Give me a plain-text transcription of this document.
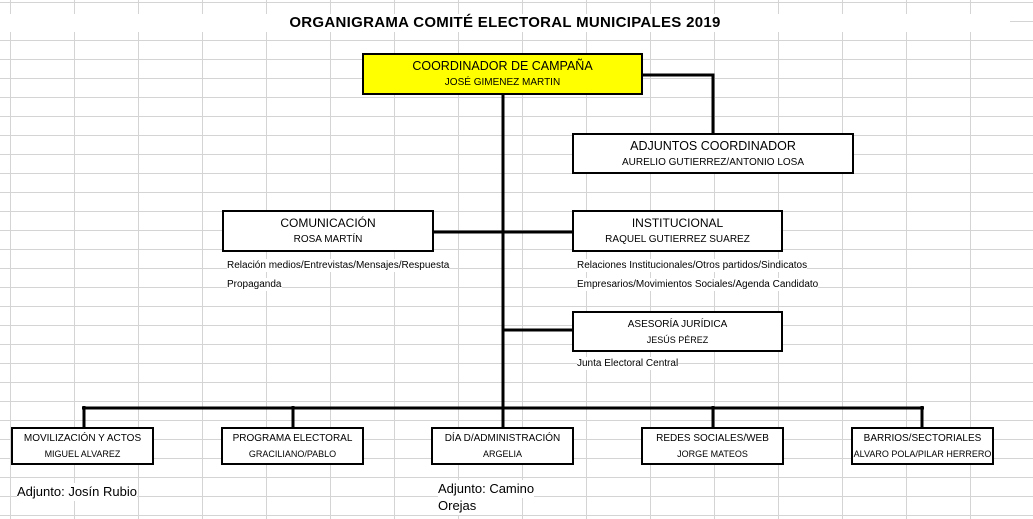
ORGANIGRAMA COMITÉ ELECTORAL MUNICIPALES 2019
COORDINADOR DE CAMPAÑA
JOSÉ GIMENEZ MARTIN
ADJUNTOS COORDINADOR
AURELIO GUTIERREZ/ANTONIO LOSA
COMUNICACIÓN
ROSA MARTÍN
Relación medios/Entrevistas/Mensajes/Respuesta
Propaganda
INSTITUCIONAL
RAQUEL GUTIERREZ SUAREZ
Relaciones Institucionales/Otros partidos/Sindicatos
Empresarios/Movimientos Sociales/Agenda Candidato
ASESORÍA JURÍDICA
JESÚS PÉREZ
Junta Electoral Central
MOVILIZACIÓN Y ACTOS
MIGUEL ALVAREZ
PROGRAMA ELECTORAL
GRACILIANO/PABLO
DÍA D/ADMINISTRACIÓN
ARGELIA
REDES SOCIALES/WEB
JORGE MATEOS
BARRIOS/SECTORIALES
ALVARO POLA/PILAR HERRERO
Adjunto: Josín Rubio	Adjunto: Camino
Orejas
